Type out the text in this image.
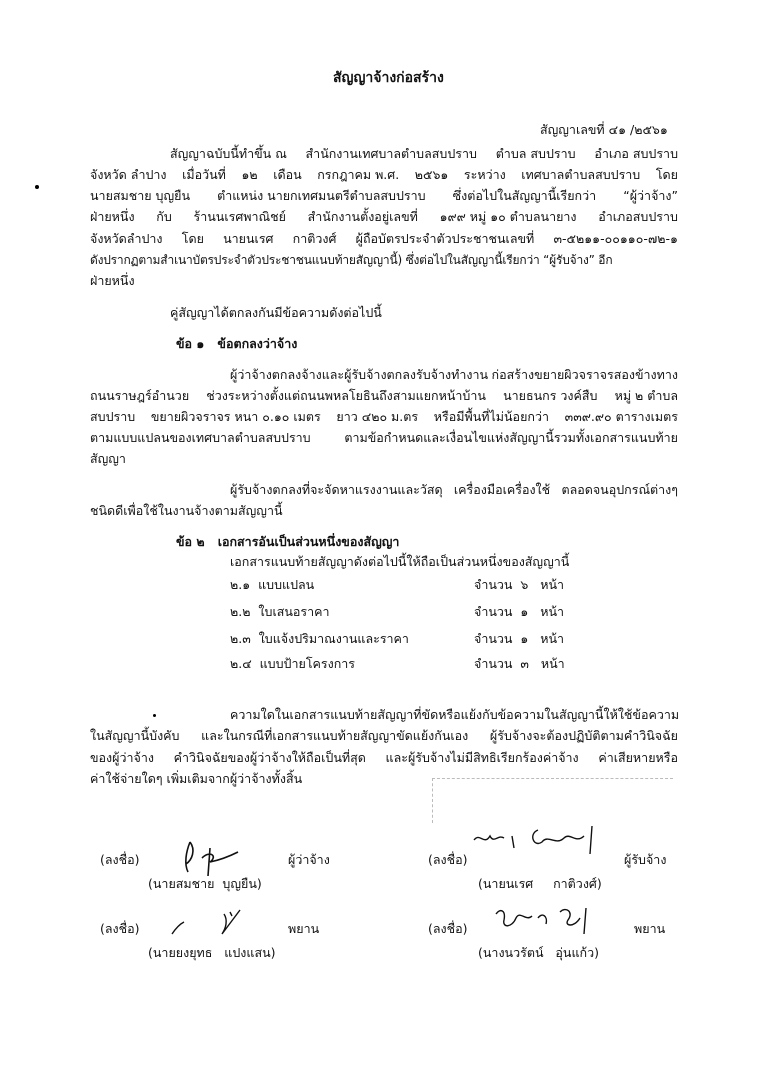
สัญญาจ้างก่อสร้าง
สัญญาเลขที่ ๔๑ /๒๕๖๑
สัญญาฉบับนี้ทำขึ้น ณ สำนักงานเทศบาลตำบลสบปราบ ตำบล สบปราบ อำเภอ สบปราบ
จังหวัด ลำปาง เมื่อวันที่ ๑๒ เดือน กรกฎาคม พ.ศ. ๒๕๖๑ ระหว่าง เทศบาลตำบลสบปราบ โดย
นายสมชาย บุญยืน ตำแหน่ง นายกเทศมนตรีตำบลสบปราบ ซึ่งต่อไปในสัญญานี้เรียกว่า “ผู้ว่าจ้าง”
ฝ่ายหนึ่ง กับ ร้านนเรศพาณิชย์ สำนักงานตั้งอยู่เลขที่ ๑๙๙ หมู่ ๑๐ ตำบลนายาง อำเภอสบปราบ
จังหวัดลำปาง โดย นายนเรศ กาติวงศ์ ผู้ถือบัตรประจำตัวประชาชนเลขที่ ๓-๕๒๑๑-๐๐๑๑๐-๗๒-๑
ดังปรากฏตามสำเนาบัตรประจำตัวประชาชนแนบท้ายสัญญานี้) ซึ่งต่อไปในสัญญานี้เรียกว่า “ผู้รับจ้าง” อีก
ฝ่ายหนึ่ง
คู่สัญญาได้ตกลงกันมีข้อความดังต่อไปนี้
ข้อ ๑   ข้อตกลงว่าจ้าง
ผู้ว่าจ้างตกลงจ้างและผู้รับจ้างตกลงรับจ้างทำงาน ก่อสร้างขยายผิวจราจรสองข้างทาง
ถนนราษฎร์อำนวย ช่วงระหว่างตั้งแต่ถนนพหลโยธินถึงสามแยกหน้าบ้าน นายธนกร วงค์สืบ หมู่ ๒ ตำบล
สบปราบ ขยายผิวจราจร หนา ๐.๑๐ เมตร ยาว ๔๒๐ ม.ตร หรือมีพื้นที่ไม่น้อยกว่า ๓๓๙.๙๐ ตารางเมตร
ตามแบบแปลนของเทศบาลตำบลสบปราบ	ตามข้อกำหนดและเงื่อนไขแห่งสัญญานี้รวมทั้งเอกสารแนบท้าย
สัญญา
ผู้รับจ้างตกลงที่จะจัดหาแรงงานและวัสดุ เครื่องมือเครื่องใช้ ตลอดจนอุปกรณ์ต่างๆ
ชนิดดีเพื่อใช้ในงานจ้างตามสัญญานี้
ข้อ ๒   เอกสารอันเป็นส่วนหนึ่งของสัญญา
เอกสารแนบท้ายสัญญาดังต่อไปนี้ให้ถือเป็นส่วนหนึ่งของสัญญานี้
๒.๑  แบบแปลน	จำนวน  ๖   หน้า
๒.๒  ใบเสนอราคา	จำนวน  ๑   หน้า
๒.๓  ใบแจ้งปริมาณงานและราคา	จำนวน  ๑   หน้า
๒.๔  แบบป้ายโครงการ	จำนวน  ๓   หน้า
ความใดในเอกสารแนบท้ายสัญญาที่ขัดหรือแย้งกับข้อความในสัญญานี้ ให้ใช้ข้อความ
ในสัญญานี้บังคับ และในกรณีที่เอกสารแนบท้ายสัญญาขัดแย้งกันเอง ผู้รับจ้างจะต้องปฏิบัติตามคำวินิจฉัย
ของผู้ว่าจ้าง คำวินิจฉัยของผู้ว่าจ้างให้ถือเป็นที่สุด และผู้รับจ้างไม่มีสิทธิเรียกร้องค่าจ้าง ค่าเสียหายหรือ
ค่าใช้จ่ายใดๆ เพิ่มเติมจากผู้ว่าจ้างทั้งสิ้น
(ลงชื่อ)	ผู้ว่าจ้าง
(นายสมชาย  บุญยืน)
(ลงชื่อ)	ผู้รับจ้าง
(นายนเรศ     กาติวงศ์)
(ลงชื่อ)	พยาน
(นายยงยุทธ   แปงแสน)
(ลงชื่อ)	พยาน
(นางนวรัตน์   อุ่นแก้ว)
